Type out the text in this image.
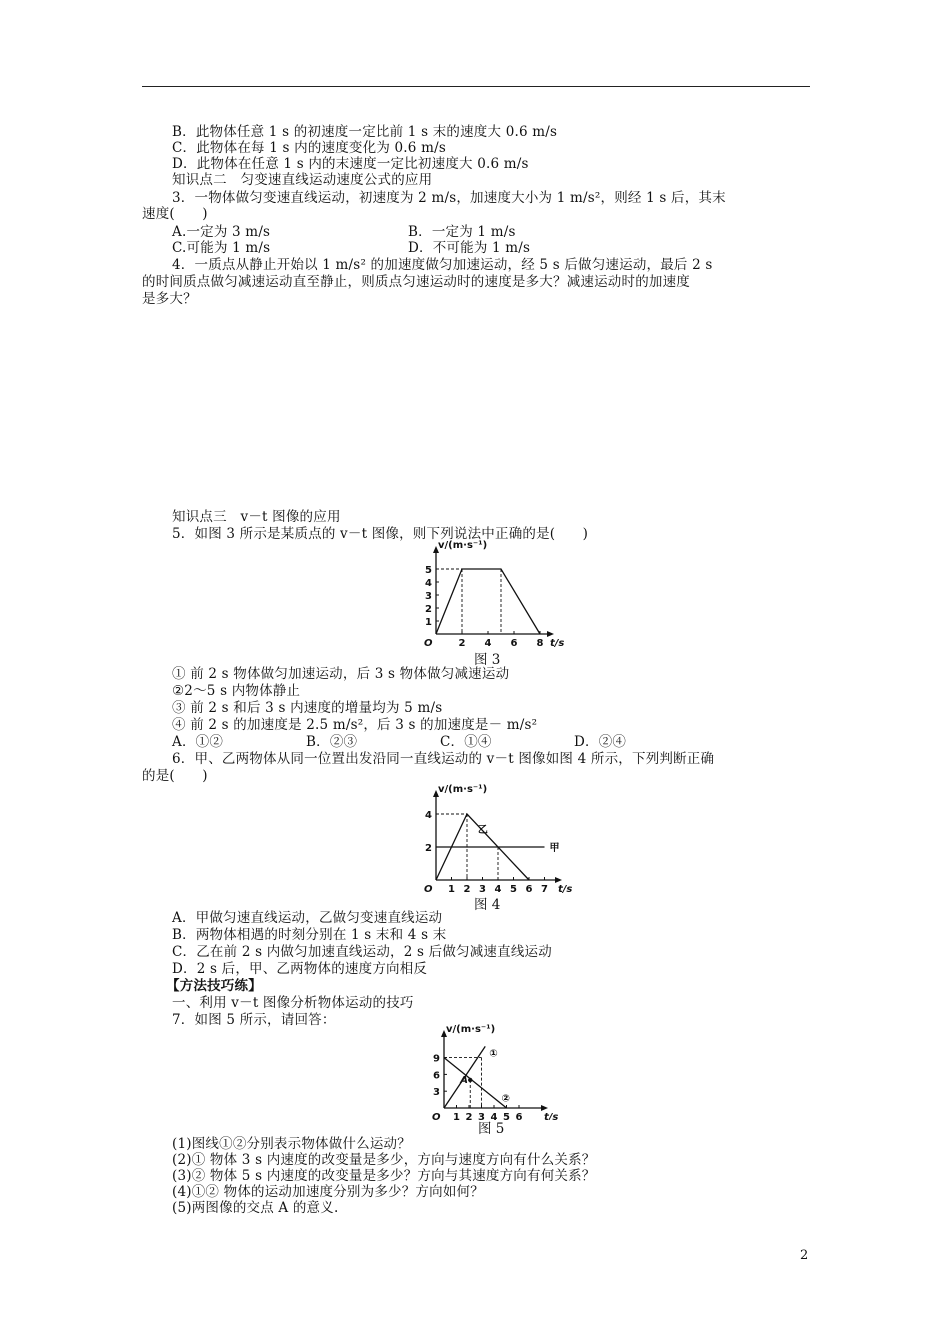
B．此物体任意 1 s 的初速度一定比前 1 s 末的速度大 0.6 m/s
C．此物体在每 1 s 内的速度变化为 0.6 m/s
D．此物体在任意 1 s 内的末速度一定比初速度大 0.6 m/s
知识点二　匀变速直线运动速度公式的应用
3．一物体做匀变速直线运动，初速度为 2 m/s，加速度大小为 1 m/s²，则经 1 s 后，其末
速度(　　)
A.一定为 3 m/s	B．一定为 1 m/s
C.可能为 1 m/s	D．不可能为 1 m/s
4．一质点从静止开始以 1 m/s² 的加速度做匀加速运动，经 5 s 后做匀速运动，最后 2 s
的时间质点做匀减速运动直至静止，则质点匀速运动时的速度是多大？减速运动时的加速度
是多大？
知识点三　v－t 图像的应用
5．如图 3 所示是某质点的 v－t 图像，则下列说法中正确的是(　　)
O
v/(m·s⁻¹)
t/s
2 4 6 8
1
2
3
4
5
图 3
① 前 2 s 物体做匀加速运动，后 3 s 物体做匀减速运动
②2～5 s 内物体静止
③ 前 2 s 和后 3 s 内速度的增量均为 5 m/s
④ 前 2 s 的加速度是 2.5 m/s²，后 3 s 的加速度是－ m/s²
A．①②	B．②③	C．①④	D．②④
6．甲、乙两物体从同一位置出发沿同一直线运动的 v－t 图像如图 4 所示，下列判断正确
的是(　　)
O
v/(m·s⁻¹)
t/s
1 2 3 4 5 6 7
2
4
乙
甲
图 4
A．甲做匀速直线运动，乙做匀变速直线运动
B．两物体相遇的时刻分别在 1 s 末和 4 s 末
C．乙在前 2 s 内做匀加速直线运动，2 s 后做匀减速直线运动
D．2 s 后，甲、乙两物体的速度方向相反
【方法技巧练】
一、利用 v－t 图像分析物体运动的技巧
7．如图 5 所示，请回答：
O
v/(m·s⁻¹)
t/s
1 2 3 4 5 6
3
6
9
A
①
②
图 5
(1)图线①②分别表示物体做什么运动？
(2)① 物体 3 s 内速度的改变量是多少，方向与速度方向有什么关系？
(3)② 物体 5 s 内速度的改变量是多少？方向与其速度方向有何关系？
(4)①② 物体的运动加速度分别为多少？方向如何？
(5)两图像的交点 A 的意义.
2
